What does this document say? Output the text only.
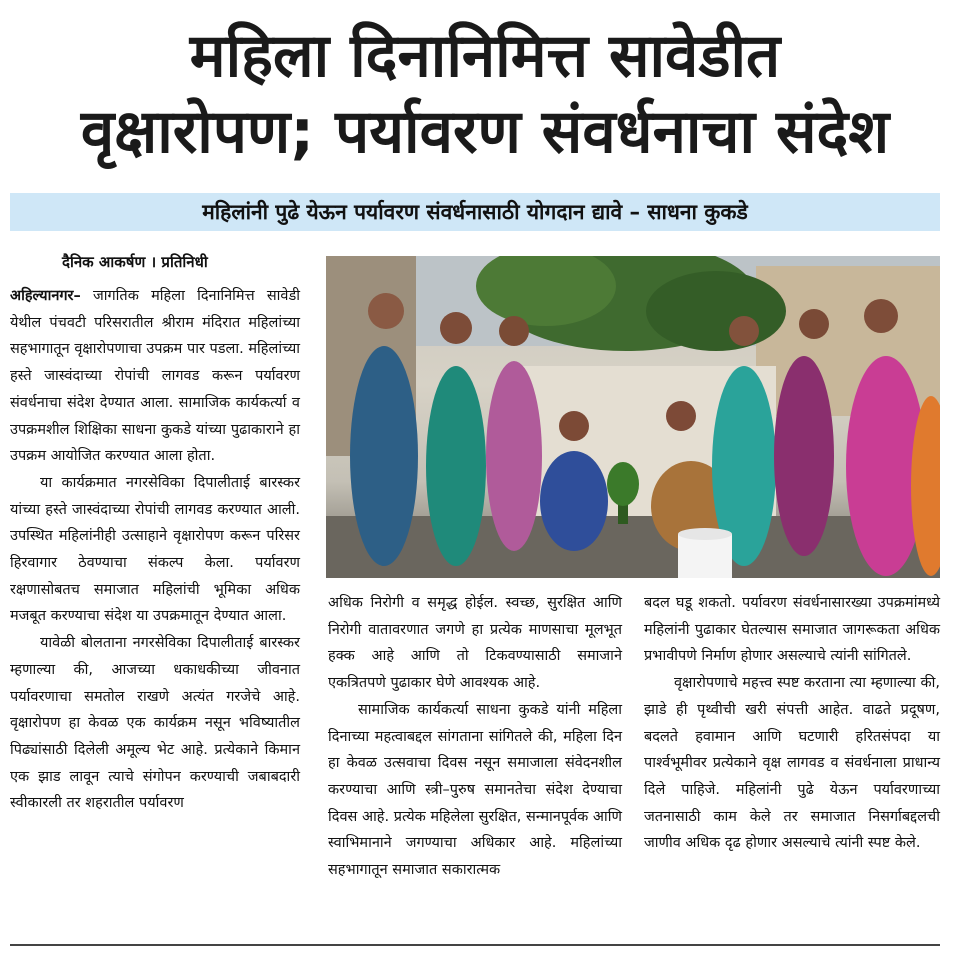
महिला दिनानिमित्त सावेडीत
वृक्षारोपण; पर्यावरण संवर्धनाचा संदेश
महिलांनी पुढे येऊन पर्यावरण संवर्धनासाठी योगदान द्यावे – साधना कुकडे
दैनिक आकर्षण । प्रतिनिधी

अहिल्यानगर– जागतिक महिला दिनानिमित्त सावेडी येथील पंचवटी परिसरातील श्रीराम मंदिरात महिलांच्या सहभागातून वृक्षारोपणाचा उपक्रम पार पडला. महिलांच्या हस्ते जास्वंदाच्या रोपांची लागवड करून पर्यावरण संवर्धनाचा संदेश देण्यात आला. सामाजिक कार्यकर्त्या व उपक्रमशील शिक्षिका साधना कुकडे यांच्या पुढाकाराने हा उपक्रम आयोजित करण्यात आला होता.

या कार्यक्रमात नगरसेविका दिपालीताई बारस्कर यांच्या हस्ते जास्वंदाच्या रोपांची लागवड करण्यात आली. उपस्थित महिलांनीही उत्साहाने वृक्षारोपण करून परिसर हिरवागार ठेवण्याचा संकल्प केला. पर्यावरण रक्षणासोबतच समाजात महिलांची भूमिका अधिक मजबूत करण्याचा संदेश या उपक्रमातून देण्यात आला.

यावेळी बोलताना नगरसेविका दिपालीताई बारस्कर म्हणाल्या की, आजच्या धकाधकीच्या जीवनात पर्यावरणाचा समतोल राखणे अत्यंत गरजेचे आहे. वृक्षारोपण हा केवळ एक कार्यक्रम नसून भविष्यातील पिढ्यांसाठी दिलेली अमूल्य भेट आहे. प्रत्येकाने किमान एक झाड लावून त्याचे संगोपन करण्याची जबाबदारी स्वीकारली तर शहरातील पर्यावरण

अधिक निरोगी व समृद्ध होईल. स्वच्छ, सुरक्षित आणि निरोगी वातावरणात जगणे हा प्रत्येक माणसाचा मूलभूत हक्क आहे आणि तो टिकवण्यासाठी समाजाने एकत्रितपणे पुढाकार घेणे आवश्यक आहे.

सामाजिक कार्यकर्त्या साधना कुकडे यांनी महिला दिनाच्या महत्वाबद्दल सांगताना सांगितले की, महिला दिन हा केवळ उत्सवाचा दिवस नसून समाजाला संवेदनशील करण्याचा आणि स्त्री–पुरुष समानतेचा संदेश देण्याचा दिवस आहे. प्रत्येक महिलेला सुरक्षित, सन्मानपूर्वक आणि स्वाभिमानाने जगण्याचा अधिकार आहे. महिलांच्या सहभागातून समाजात सकारात्मक

बदल घडू शकतो. पर्यावरण संवर्धनासारख्या उपक्रमांमध्ये महिलांनी पुढाकार घेतल्यास समाजात जागरूकता अधिक प्रभावीपणे निर्माण होणार असल्याचे त्यांनी सांगितले.

वृक्षारोपणाचे महत्त्व स्पष्ट करताना त्या म्हणाल्या की, झाडे ही पृथ्वीची खरी संपत्ती आहेत. वाढते प्रदूषण, बदलते हवामान आणि घटणारी हरितसंपदा या पार्श्वभूमीवर प्रत्येकाने वृक्ष लागवड व संवर्धनाला प्राधान्य दिले पाहिजे. महिलांनी पुढे येऊन पर्यावरणाच्या जतनासाठी काम केले तर समाजात निसर्गाबद्दलची जाणीव अधिक दृढ होणार असल्याचे त्यांनी स्पष्ट केले.
